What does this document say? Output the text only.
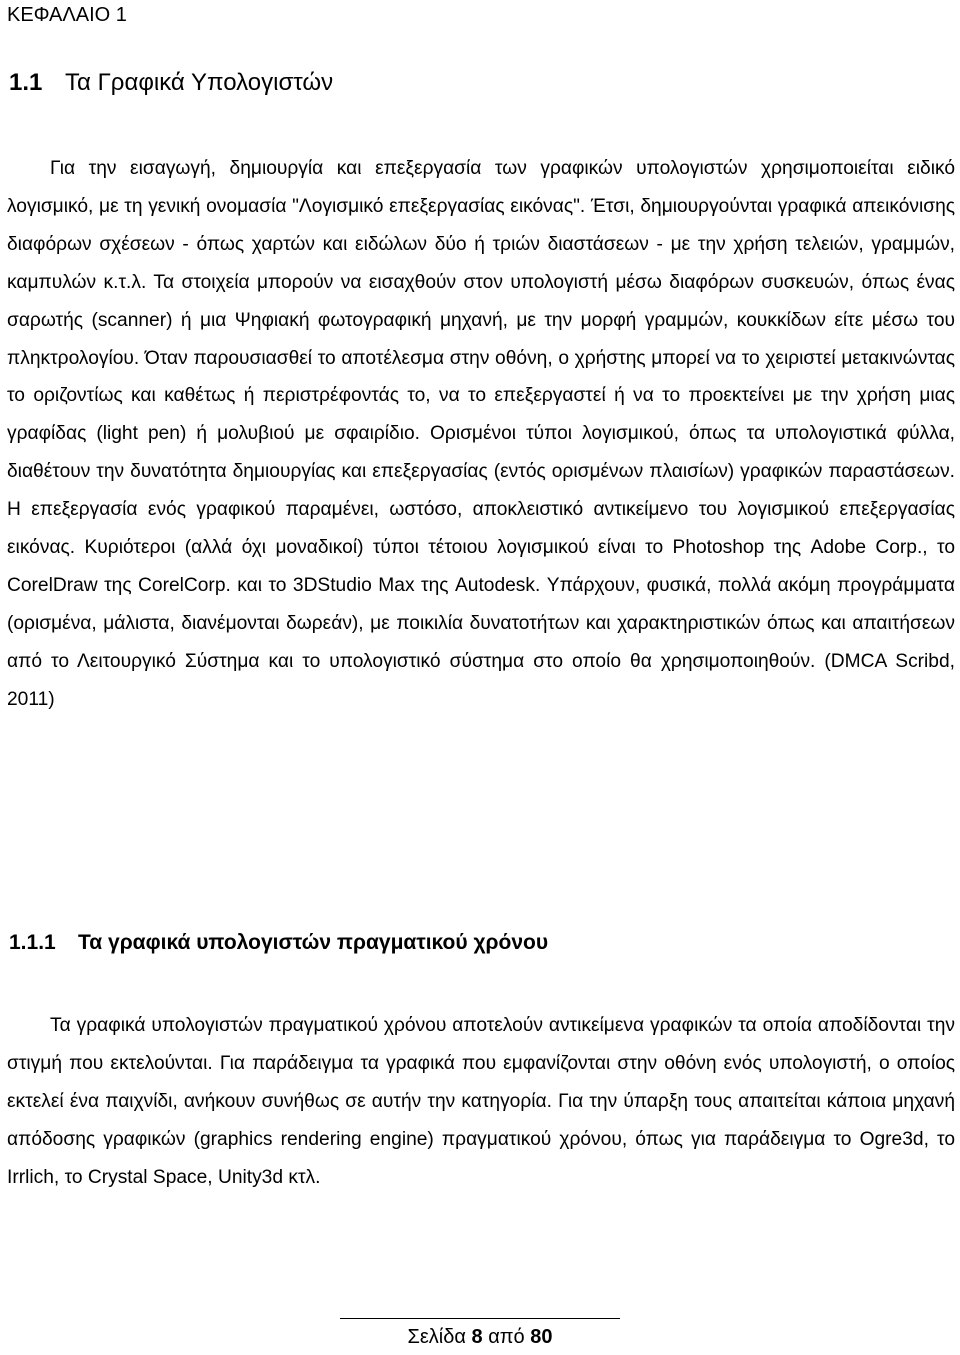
ΚΕΦΑΛΑΙΟ 1

1.1 Τα Γραφικά Υπολογιστών

Για την εισαγωγή, δημιουργία και επεξεργασία των γραφικών υπολογιστών χρησιμοποιείται ειδικό λογισμικό, με τη γενική ονομασία "Λογισμικό επεξεργασίας εικόνας". Έτσι, δημιουργούνται γραφικά απεικόνισης διαφόρων σχέσεων - όπως χαρτών και ειδώλων δύο ή τριών διαστάσεων - με την χρήση τελειών, γραμμών, καμπυλών κ.τ.λ. Τα στοιχεία μπορούν να εισαχθούν στον υπολογιστή μέσω διαφόρων συσκευών, όπως ένας σαρωτής (scanner) ή μια Ψηφιακή φωτογραφική μηχανή, με την μορφή γραμμών, κουκκίδων είτε μέσω του πληκτρολογίου. Όταν παρουσιασθεί το αποτέλεσμα στην οθόνη, ο χρήστης μπορεί να το χειριστεί μετακινώντας το οριζοντίως και καθέτως ή περιστρέφοντάς το, να το επεξεργαστεί ή να το προεκτείνει με την χρήση μιας γραφίδας (light pen) ή μολυβιού με σφαιρίδιο. Ορισμένοι τύποι λογισμικού, όπως τα υπολογιστικά φύλλα, διαθέτουν την δυνατότητα δημιουργίας και επεξεργασίας (εντός ορισμένων πλαισίων) γραφικών παραστάσεων. Η επεξεργασία ενός γραφικού παραμένει, ωστόσο, αποκλειστικό αντικείμενο του λογισμικού επεξεργασίας εικόνας. Κυριότεροι (αλλά όχι μοναδικοί) τύποι τέτοιου λογισμικού είναι το Photoshop της Adobe Corp., το CorelDraw της CorelCorp. και το 3DStudio Max της Autodesk. Υπάρχουν, φυσικά, πολλά ακόμη προγράμματα (ορισμένα, μάλιστα, διανέμονται δωρεάν), με ποικιλία δυνατοτήτων και χαρακτηριστικών όπως και απαιτήσεων από το Λειτουργικό Σύστημα και το υπολογιστικό σύστημα στο οποίο θα χρησιμοποιηθούν. (DMCA Scribd, 2011)

1.1.1 Τα γραφικά υπολογιστών πραγματικού χρόνου

Τα γραφικά υπολογιστών πραγματικού χρόνου αποτελούν αντικείμενα γραφικών τα οποία αποδίδονται την στιγμή που εκτελούνται. Για παράδειγμα τα γραφικά που εμφανίζονται στην οθόνη ενός υπολογιστή, ο οποίος εκτελεί ένα παιχνίδι, ανήκουν συνήθως σε αυτήν την κατηγορία. Για την ύπαρξη τους απαιτείται κάποια μηχανή απόδοσης γραφικών (graphics rendering engine) πραγματικού χρόνου, όπως για παράδειγμα το Ogre3d, το Irrlich, το Crystal Space, Unity3d κτλ.

Σελίδα 8 από 80
